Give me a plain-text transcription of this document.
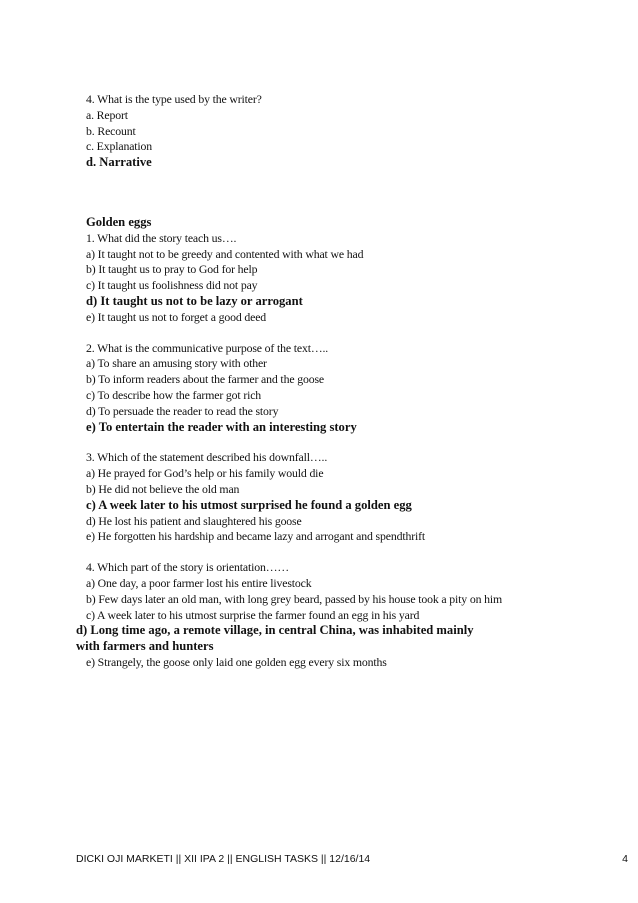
4. What is the type used by the writer?
a. Report
b. Recount
c. Explanation
d. Narrative
Golden eggs
1. What did the story teach us….
a) It taught not to be greedy and contented with what we had
b) It taught us to pray to God for help
c) It taught us foolishness did not pay
d) It taught us not to be lazy or arrogant
e) It taught us not to forget a good deed
2. What is the communicative purpose of the text…..
a) To share an amusing story with other
b) To inform readers about the farmer and the goose
c) To describe how the farmer got rich
d) To persuade the reader to read the story
e) To entertain the reader with an interesting story
3. Which of the statement described his downfall…..
a) He prayed for God’s help or his family would die
b) He did not believe the old man
c) A week later to his utmost surprised he found a golden egg
d) He lost his patient and slaughtered his goose
e) He forgotten his hardship and became lazy and arrogant and spendthrift
4. Which part of the story is orientation……
a) One day, a poor farmer lost his entire livestock
b) Few days later an old man, with long grey beard, passed by his house took a pity on him
c) A week later to his utmost surprise the farmer found an egg in his yard
d) Long time ago, a remote village, in central China, was inhabited mainly
with farmers and hunters
e) Strangely, the goose only laid one golden egg every six months
DICKI OJI MARKETI || XII IPA 2 || ENGLISH TASKS || 12/16/14	4
